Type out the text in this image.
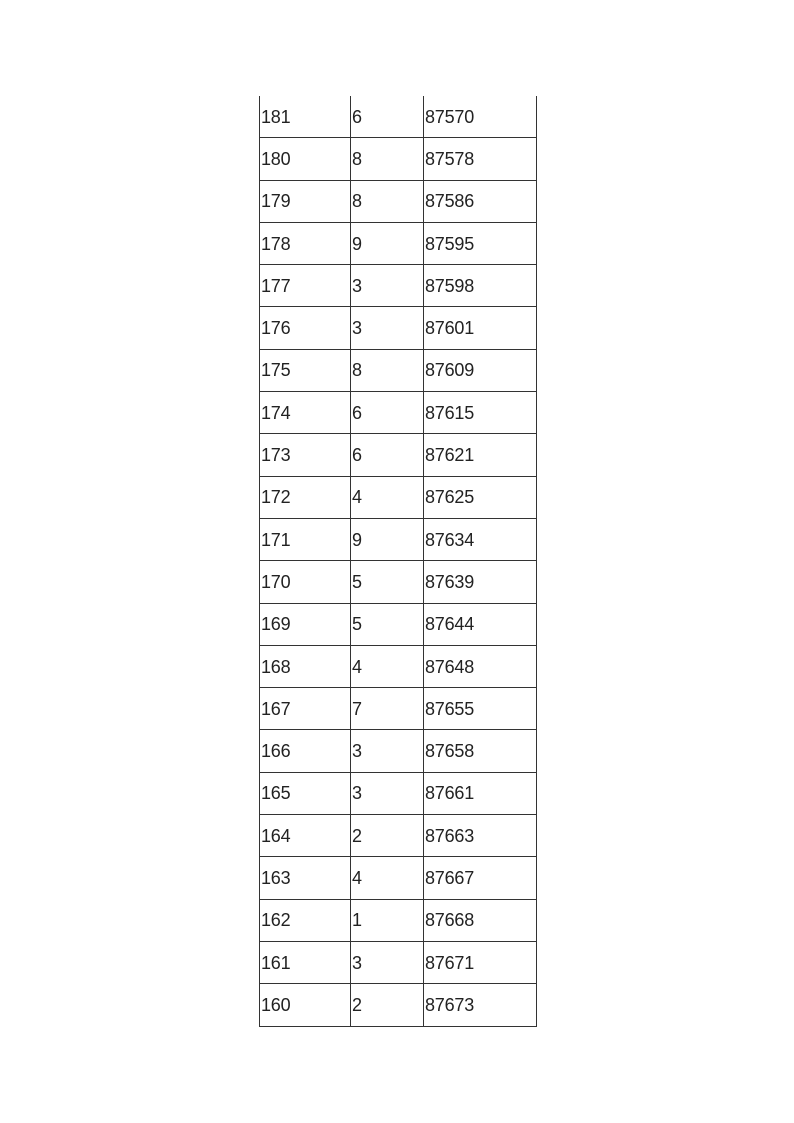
181	6	87570
180	8	87578
179	8	87586
178	9	87595
177	3	87598
176	3	87601
175	8	87609
174	6	87615
173	6	87621
172	4	87625
171	9	87634
170	5	87639
169	5	87644
168	4	87648
167	7	87655
166	3	87658
165	3	87661
164	2	87663
163	4	87667
162	1	87668
161	3	87671
160	2	87673
